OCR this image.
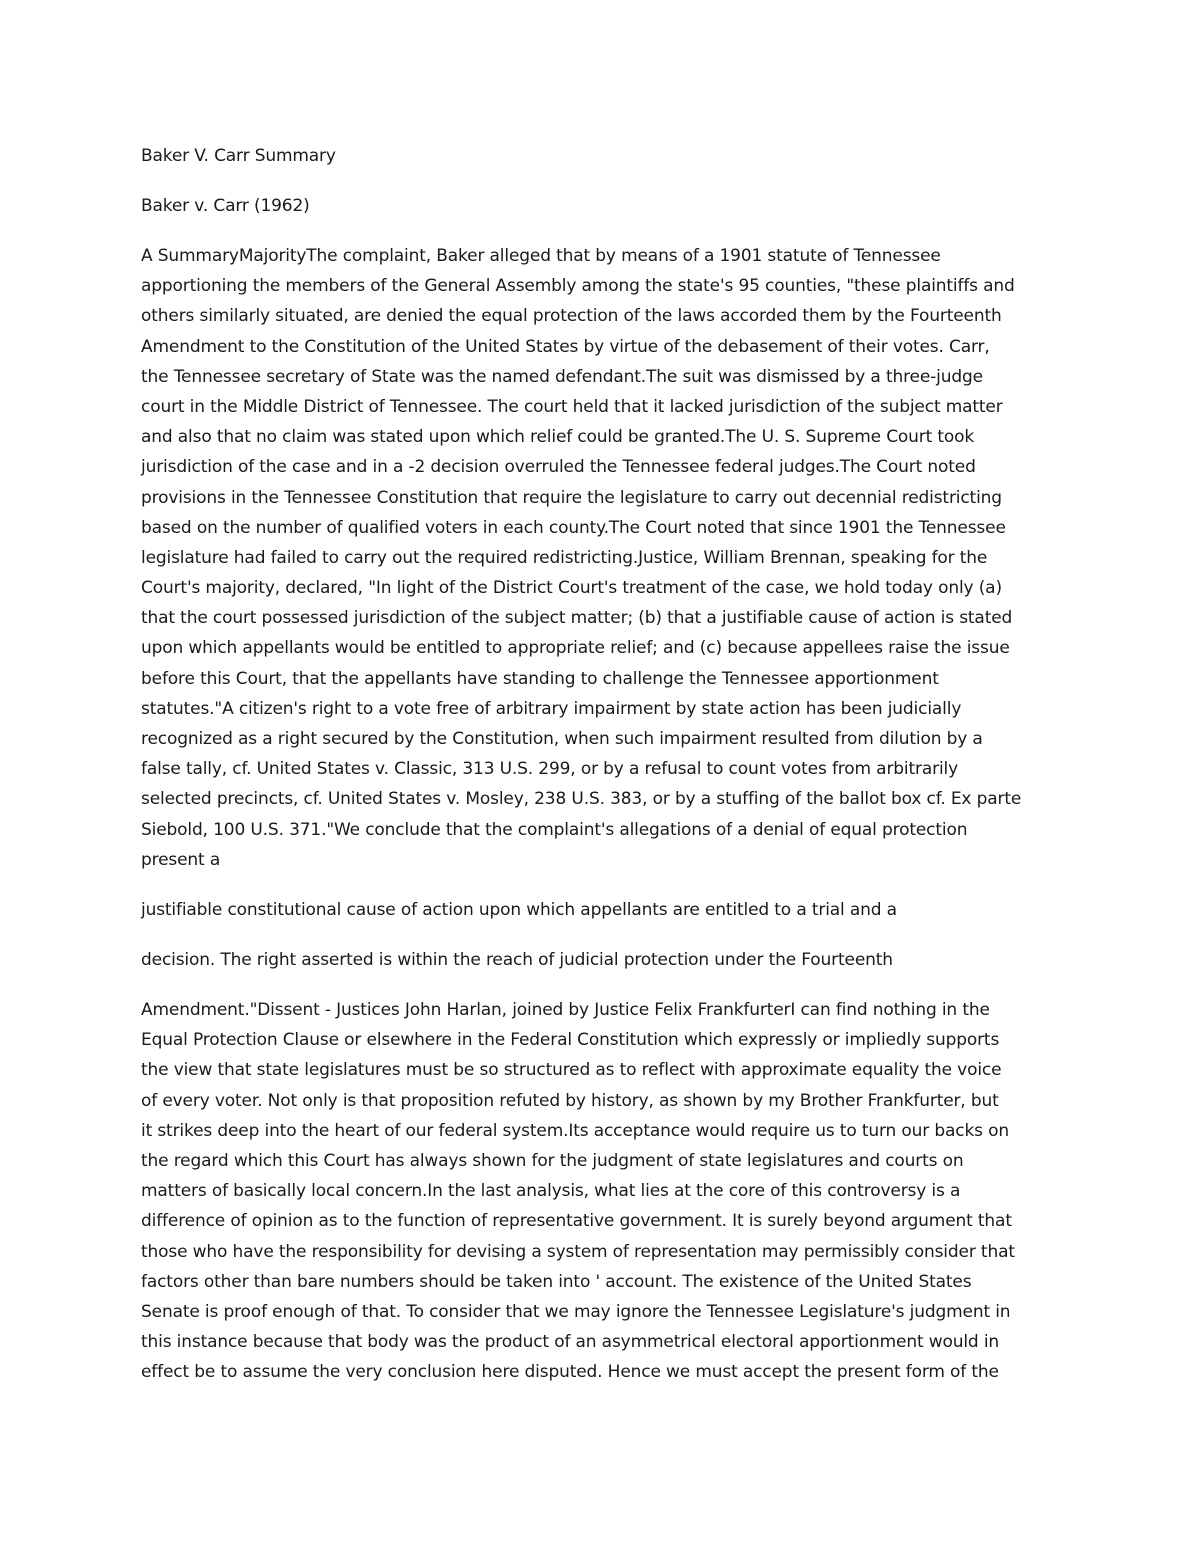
Baker V. Carr Summary

Baker v. Carr (1962)

A SummaryMajorityThe complaint, Baker alleged that by means of a 1901 statute of Tennessee
apportioning the members of the General Assembly among the state's 95 counties, "these plaintiffs and
others similarly situated, are denied the equal protection of the laws accorded them by the Fourteenth
Amendment to the Constitution of the United States by virtue of the debasement of their votes. Carr,
the Tennessee secretary of State was the named defendant.The suit was dismissed by a three-judge
court in the Middle District of Tennessee. The court held that it lacked jurisdiction of the subject matter
and also that no claim was stated upon which relief could be granted.The U. S. Supreme Court took
jurisdiction of the case and in a -2 decision overruled the Tennessee federal judges.The Court noted
provisions in the Tennessee Constitution that require the legislature to carry out decennial redistricting
based on the number of qualified voters in each county.The Court noted that since 1901 the Tennessee
legislature had failed to carry out the required redistricting.Justice, William Brennan, speaking for the
Court's majority, declared, "In light of the District Court's treatment of the case, we hold today only (a)
that the court possessed jurisdiction of the subject matter; (b) that a justifiable cause of action is stated
upon which appellants would be entitled to appropriate relief; and (c) because appellees raise the issue
before this Court, that the appellants have standing to challenge the Tennessee apportionment
statutes."A citizen's right to a vote free of arbitrary impairment by state action has been judicially
recognized as a right secured by the Constitution, when such impairment resulted from dilution by a
false tally, cf. United States v. Classic, 313 U.S. 299, or by a refusal to count votes from arbitrarily
selected precincts, cf. United States v. Mosley, 238 U.S. 383, or by a stuffing of the ballot box cf. Ex parte
Siebold, 100 U.S. 371."We conclude that the complaint's allegations of a denial of equal protection
present a

justifiable constitutional cause of action upon which appellants are entitled to a trial and a

decision. The right asserted is within the reach of judicial protection under the Fourteenth

Amendment."Dissent - Justices John Harlan, joined by Justice Felix FrankfurterI can find nothing in the
Equal Protection Clause or elsewhere in the Federal Constitution which expressly or impliedly supports
the view that state legislatures must be so structured as to reflect with approximate equality the voice
of every voter. Not only is that proposition refuted by history, as shown by my Brother Frankfurter, but
it strikes deep into the heart of our federal system.Its acceptance would require us to turn our backs on
the regard which this Court has always shown for the judgment of state legislatures and courts on
matters of basically local concern.In the last analysis, what lies at the core of this controversy is a
difference of opinion as to the function of representative government. It is surely beyond argument that
those who have the responsibility for devising a system of representation may permissibly consider that
factors other than bare numbers should be taken into ' account. The existence of the United States
Senate is proof enough of that. To consider that we may ignore the Tennessee Legislature's judgment in
this instance because that body was the product of an asymmetrical electoral apportionment would in
effect be to assume the very conclusion here disputed. Hence we must accept the present form of the
